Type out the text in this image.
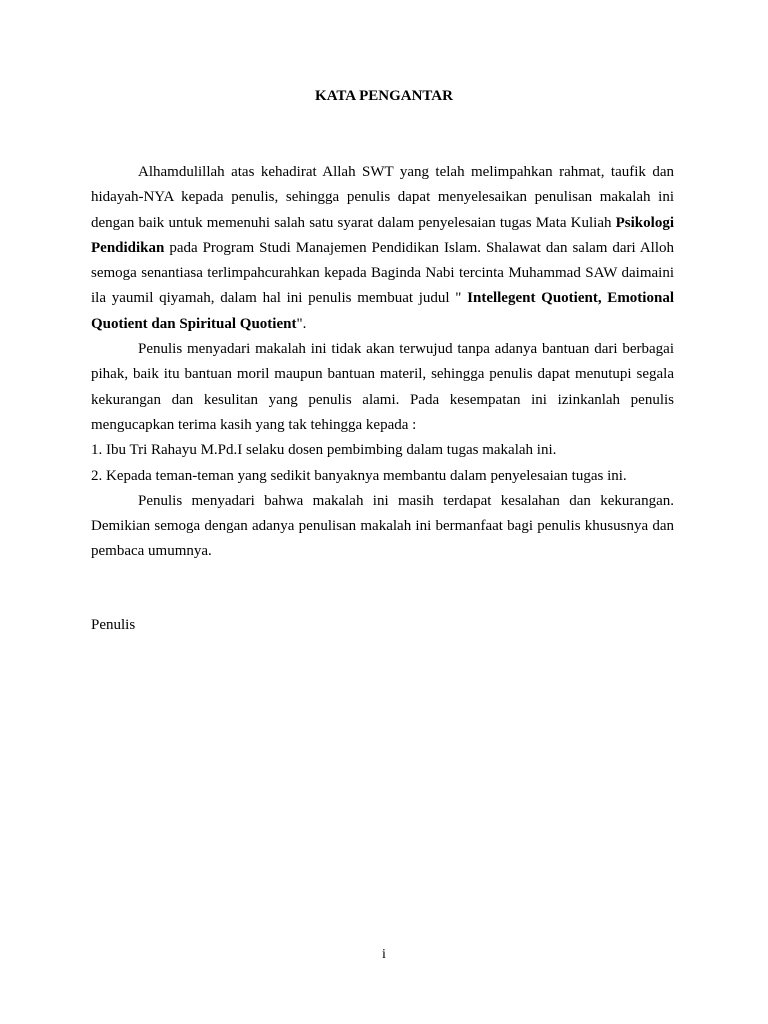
KATA PENGANTAR

Alhamdulillah atas kehadirat Allah SWT yang telah melimpahkan rahmat, taufik dan hidayah-NYA kepada penulis, sehingga penulis dapat menyelesaikan penulisan makalah ini dengan baik untuk memenuhi salah satu syarat dalam penyelesaian tugas Mata Kuliah Psikologi Pendidikan pada Program Studi Manajemen Pendidikan Islam. Shalawat dan salam dari Alloh semoga senantiasa terlimpahcurahkan kepada Baginda Nabi tercinta Muhammad SAW daimaini ila yaumil qiyamah, dalam hal ini penulis membuat judul " Intellegent Quotient, Emotional Quotient dan Spiritual Quotient".

Penulis menyadari makalah ini tidak akan terwujud tanpa adanya bantuan dari berbagai pihak, baik itu bantuan moril maupun bantuan materil, sehingga penulis dapat menutupi segala kekurangan dan kesulitan yang penulis alami. Pada kesempatan ini izinkanlah penulis mengucapkan terima kasih yang tak tehingga kepada :

1. Ibu Tri Rahayu M.Pd.I selaku dosen pembimbing dalam tugas makalah ini.

2. Kepada teman-teman yang sedikit banyaknya membantu dalam penyelesaian tugas ini.

Penulis menyadari bahwa makalah ini masih terdapat kesalahan dan kekurangan. Demikian semoga dengan adanya penulisan makalah ini bermanfaat bagi penulis khususnya dan pembaca umumnya.

Penulis

i
